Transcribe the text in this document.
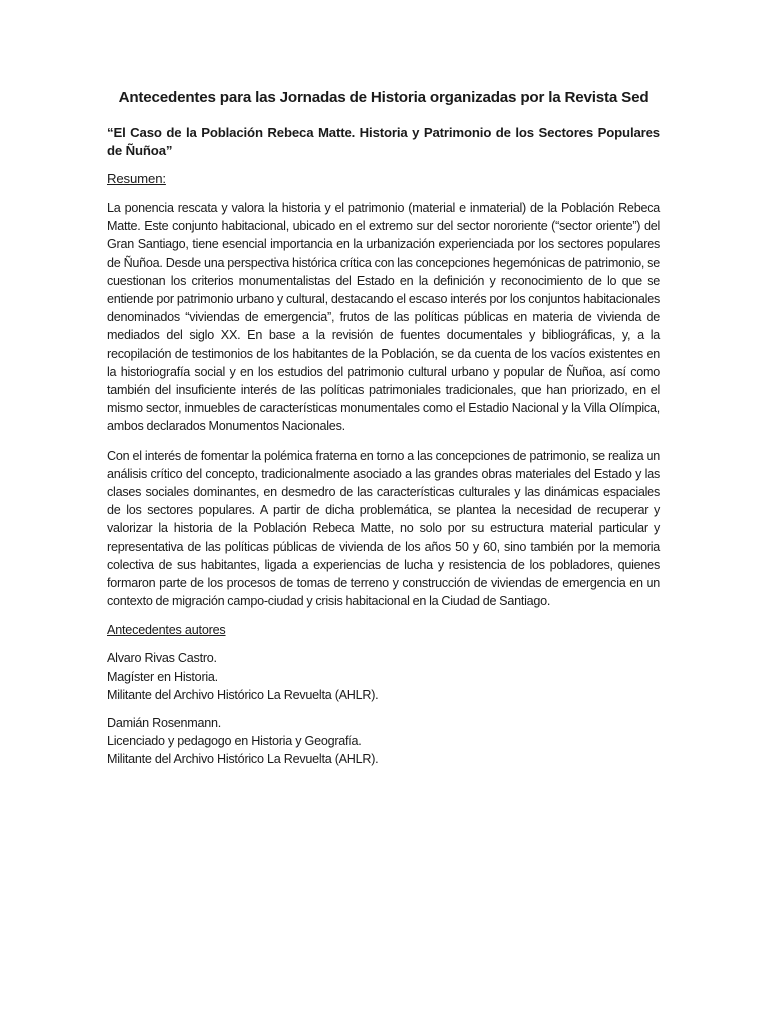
Antecedentes para las Jornadas de Historia organizadas por la Revista Sed
“El Caso de la Población Rebeca Matte. Historia y Patrimonio de los Sectores Populares de Ñuñoa”
Resumen:
La ponencia rescata y valora la historia y el patrimonio (material e inmaterial) de la Población Rebeca Matte. Este conjunto habitacional, ubicado en el extremo sur del sector nororiente (“sector oriente”) del Gran Santiago, tiene esencial importancia en la urbanización experienciada por los sectores populares de Ñuñoa. Desde una perspectiva histórica crítica con las concepciones hegemónicas de patrimonio, se cuestionan los criterios monumentalistas del Estado en la definición y reconocimiento de lo que se entiende por patrimonio urbano y cultural, destacando el escaso interés por los conjuntos habitacionales denominados “viviendas de emergencia”, frutos de las políticas públicas en materia de vivienda de mediados del siglo XX. En base a la revisión de fuentes documentales y bibliográficas, y, a la recopilación de testimonios de los habitantes de la Población, se da cuenta de los vacíos existentes en la historiografía social y en los estudios del patrimonio cultural urbano y popular de Ñuñoa, así como también del insuficiente interés de las políticas patrimoniales tradicionales, que han priorizado, en el mismo sector, inmuebles de características monumentales como el Estadio Nacional y la Villa Olímpica, ambos declarados Monumentos Nacionales.
Con el interés de fomentar la polémica fraterna en torno a las concepciones de patrimonio, se realiza un análisis crítico del concepto, tradicionalmente asociado a las grandes obras materiales del Estado y las clases sociales dominantes, en desmedro de las características culturales y las dinámicas espaciales de los sectores populares. A partir de dicha problemática, se plantea la necesidad de recuperar y valorizar la historia de la Población Rebeca Matte, no solo por su estructura material particular y representativa de las políticas públicas de vivienda de los años 50 y 60, sino también por la memoria colectiva de sus habitantes, ligada a experiencias de lucha y resistencia de los pobladores, quienes formaron parte de los procesos de tomas de terreno y construcción de viviendas de emergencia en un contexto de migración campo-ciudad y crisis habitacional en la Ciudad de Santiago.
Antecedentes autores
Alvaro Rivas Castro.
Magíster en Historia.
Militante del Archivo Histórico La Revuelta (AHLR).
Damián Rosenmann.
Licenciado y pedagogo en Historia y Geografía.
Militante del Archivo Histórico La Revuelta (AHLR).
